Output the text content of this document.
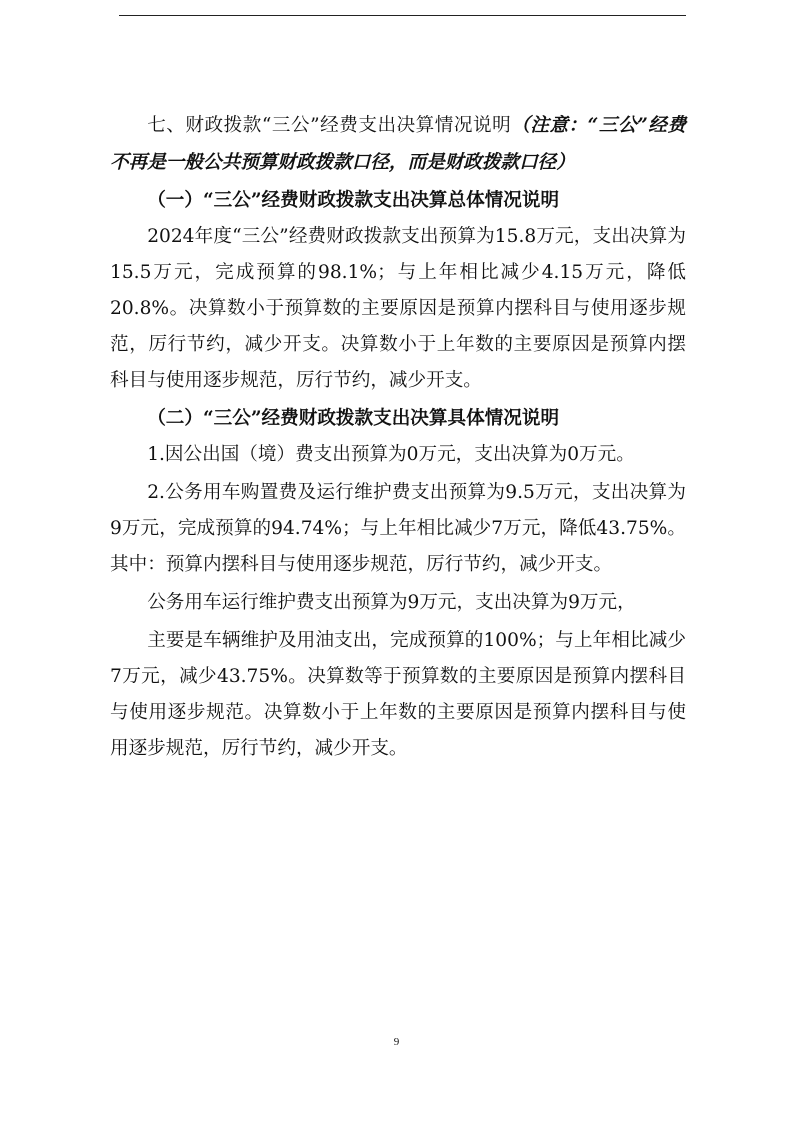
七、财政拨款“三公”经费支出决算情况说明（注意：“三公”经费不再是一般公共预算财政拨款口径，而是财政拨款口径）

（一）“三公”经费财政拨款支出决算总体情况说明

2024年度“三公”经费财政拨款支出预算为15.8万元，支出决算为15.5万元，完成预算的98.1%；与上年相比减少4.15万元，降低20.8%。决算数小于预算数的主要原因是预算内摆科目与使用逐步规范，厉行节约，减少开支。决算数小于上年数的主要原因是预算内摆科目与使用逐步规范，厉行节约，减少开支。

（二）“三公”经费财政拨款支出决算具体情况说明

1.因公出国（境）费支出预算为0万元，支出决算为0万元。

2.公务用车购置费及运行维护费支出预算为9.5万元，支出决算为9万元，完成预算的94.74%；与上年相比减少7万元，降低43.75%。其中：预算内摆科目与使用逐步规范，厉行节约，减少开支。

公务用车运行维护费支出预算为9万元，支出决算为9万元，

主要是车辆维护及用油支出，完成预算的100%；与上年相比减少7万元，减少43.75%。决算数等于预算数的主要原因是预算内摆科目与使用逐步规范。决算数小于上年数的主要原因是预算内摆科目与使用逐步规范，厉行节约，减少开支。

9
